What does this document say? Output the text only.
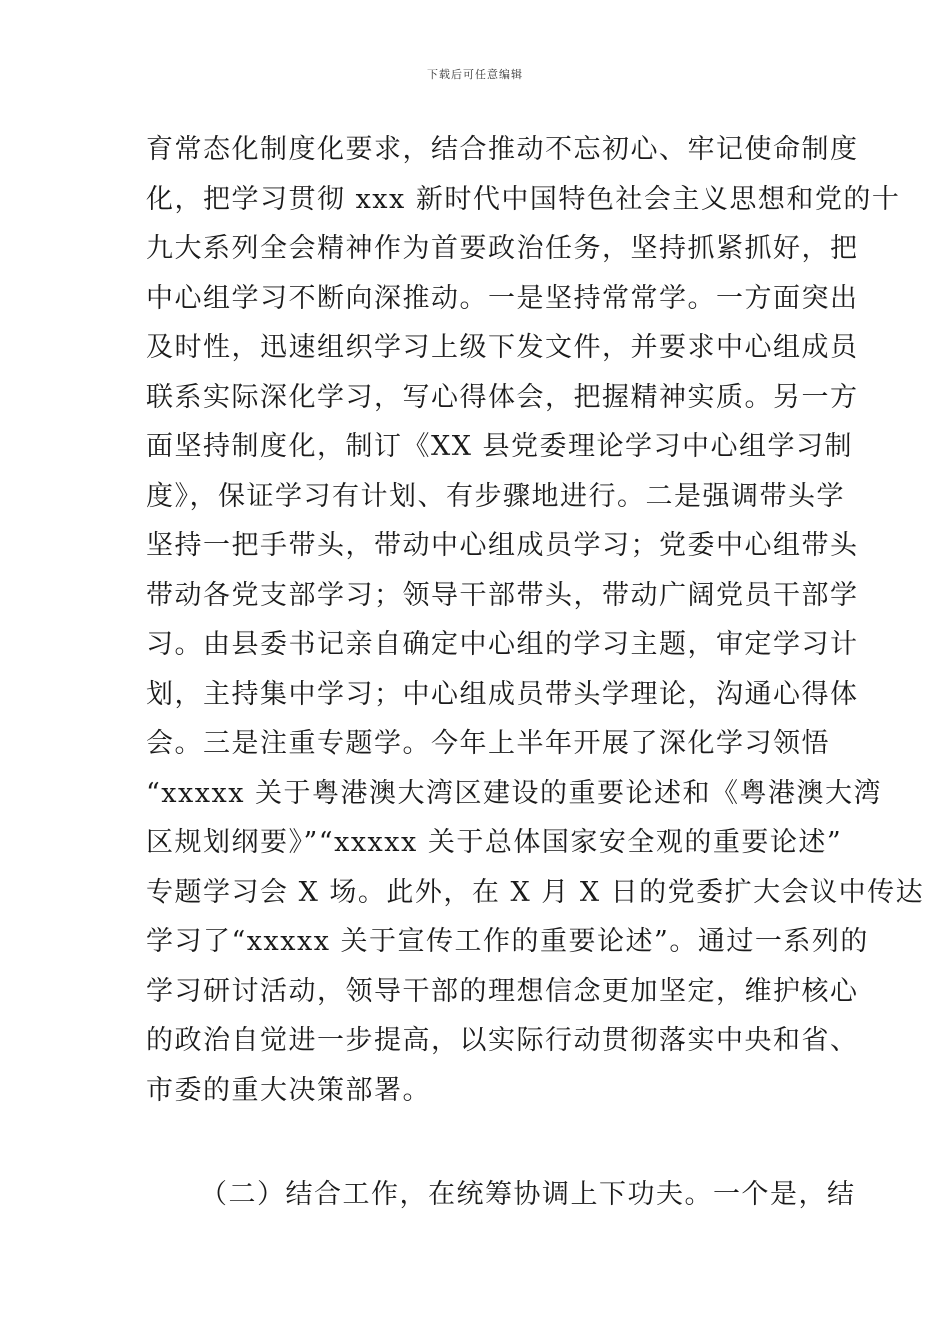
下载后可任意编辑
育常态化制度化要求，结合推动不忘初心、牢记使命制度
化，把学习贯彻 xxx 新时代中国特色社会主义思想和党的十
九大系列全会精神作为首要政治任务，坚持抓紧抓好，把
中心组学习不断向深推动。一是坚持常常学。一方面突出
及时性，迅速组织学习上级下发文件，并要求中心组成员
联系实际深化学习，写心得体会，把握精神实质。另一方
面坚持制度化，制订《XX 县党委理论学习中心组学习制
度》，保证学习有计划、有步骤地进行。二是强调带头学
坚持一把手带头，带动中心组成员学习；党委中心组带头
带动各党支部学习；领导干部带头，带动广阔党员干部学
习。由县委书记亲自确定中心组的学习主题，审定学习计
划，主持集中学习；中心组成员带头学理论，沟通心得体
会。三是注重专题学。今年上半年开展了深化学习领悟
“xxxxx 关于粤港澳大湾区建设的重要论述和《粤港澳大湾
区规划纲要》”“xxxxx 关于总体国家安全观的重要论述”
专题学习会 X 场。此外，在 X 月 X 日的党委扩大会议中传达
学习了“xxxxx 关于宣传工作的重要论述”。通过一系列的
学习研讨活动，领导干部的理想信念更加坚定，维护核心
的政治自觉进一步提高，以实际行动贯彻落实中央和省、
市委的重大决策部署。
（二）结合工作，在统筹协调上下功夫。一个是，结
